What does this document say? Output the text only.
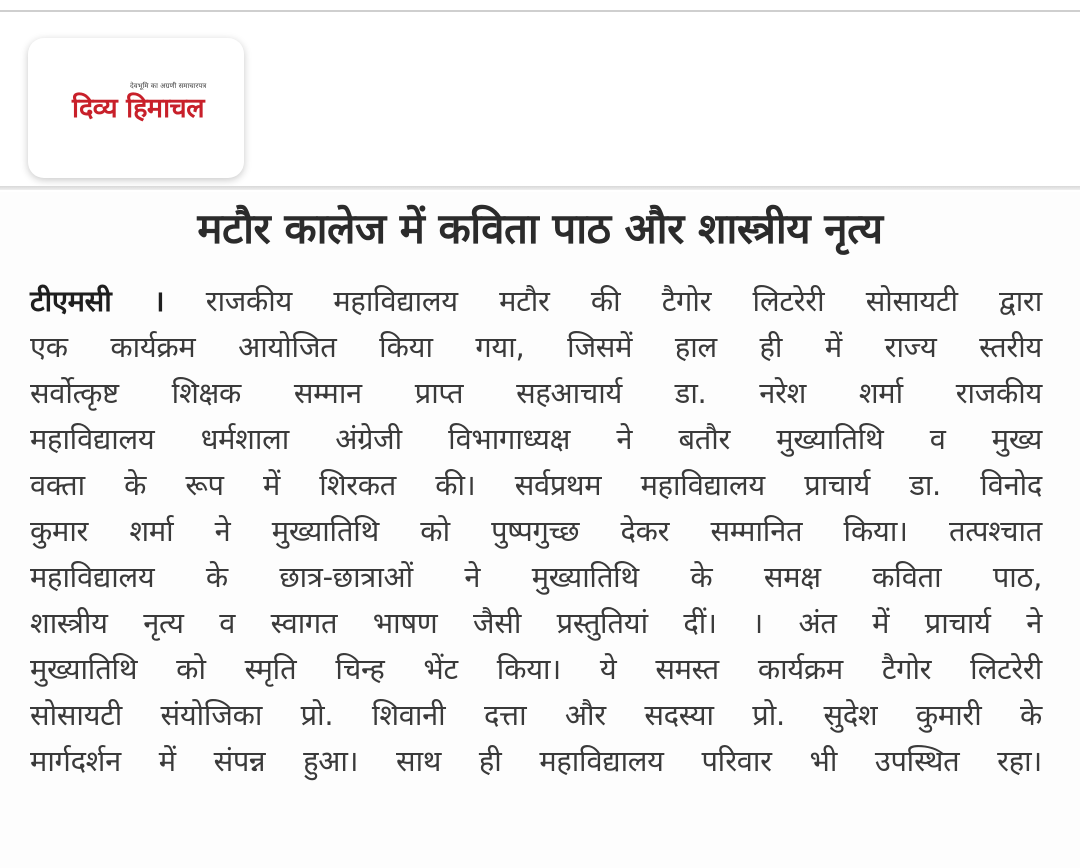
देवभूमि का अग्रणी समाचारपत्र
दिव्य हिमाचल
मटौर कालेज में कविता पाठ और शास्त्रीय नृत्य
टीएमसी । राजकीय महाविद्यालय मटौर की टैगोर लिटरेरी सोसायटी द्वारा
एक कार्यक्रम आयोजित किया गया, जिसमें हाल ही में राज्य स्तरीय
सर्वोत्कृष्ट शिक्षक सम्मान प्राप्त सहआचार्य डा. नरेश शर्मा राजकीय
महाविद्यालय धर्मशाला अंग्रेजी विभागाध्यक्ष ने बतौर मुख्यातिथि व मुख्य
वक्ता के रूप में शिरकत की। सर्वप्रथम महाविद्यालय प्राचार्य डा. विनोद
कुमार शर्मा ने मुख्यातिथि को पुष्पगुच्छ देकर सम्मानित किया। तत्पश्चात
महाविद्यालय के छात्र-छात्राओं ने मुख्यातिथि के समक्ष कविता पाठ,
शास्त्रीय नृत्य व स्वागत भाषण जैसी प्रस्तुतियां दीं। । अंत में प्राचार्य ने
मुख्यातिथि को स्मृति चिन्ह भेंट किया। ये समस्त कार्यक्रम टैगोर लिटरेरी
सोसायटी संयोजिका प्रो. शिवानी दत्ता और सदस्या प्रो. सुदेश कुमारी के
मार्गदर्शन में संपन्न हुआ। साथ ही महाविद्यालय परिवार भी उपस्थित रहा।
